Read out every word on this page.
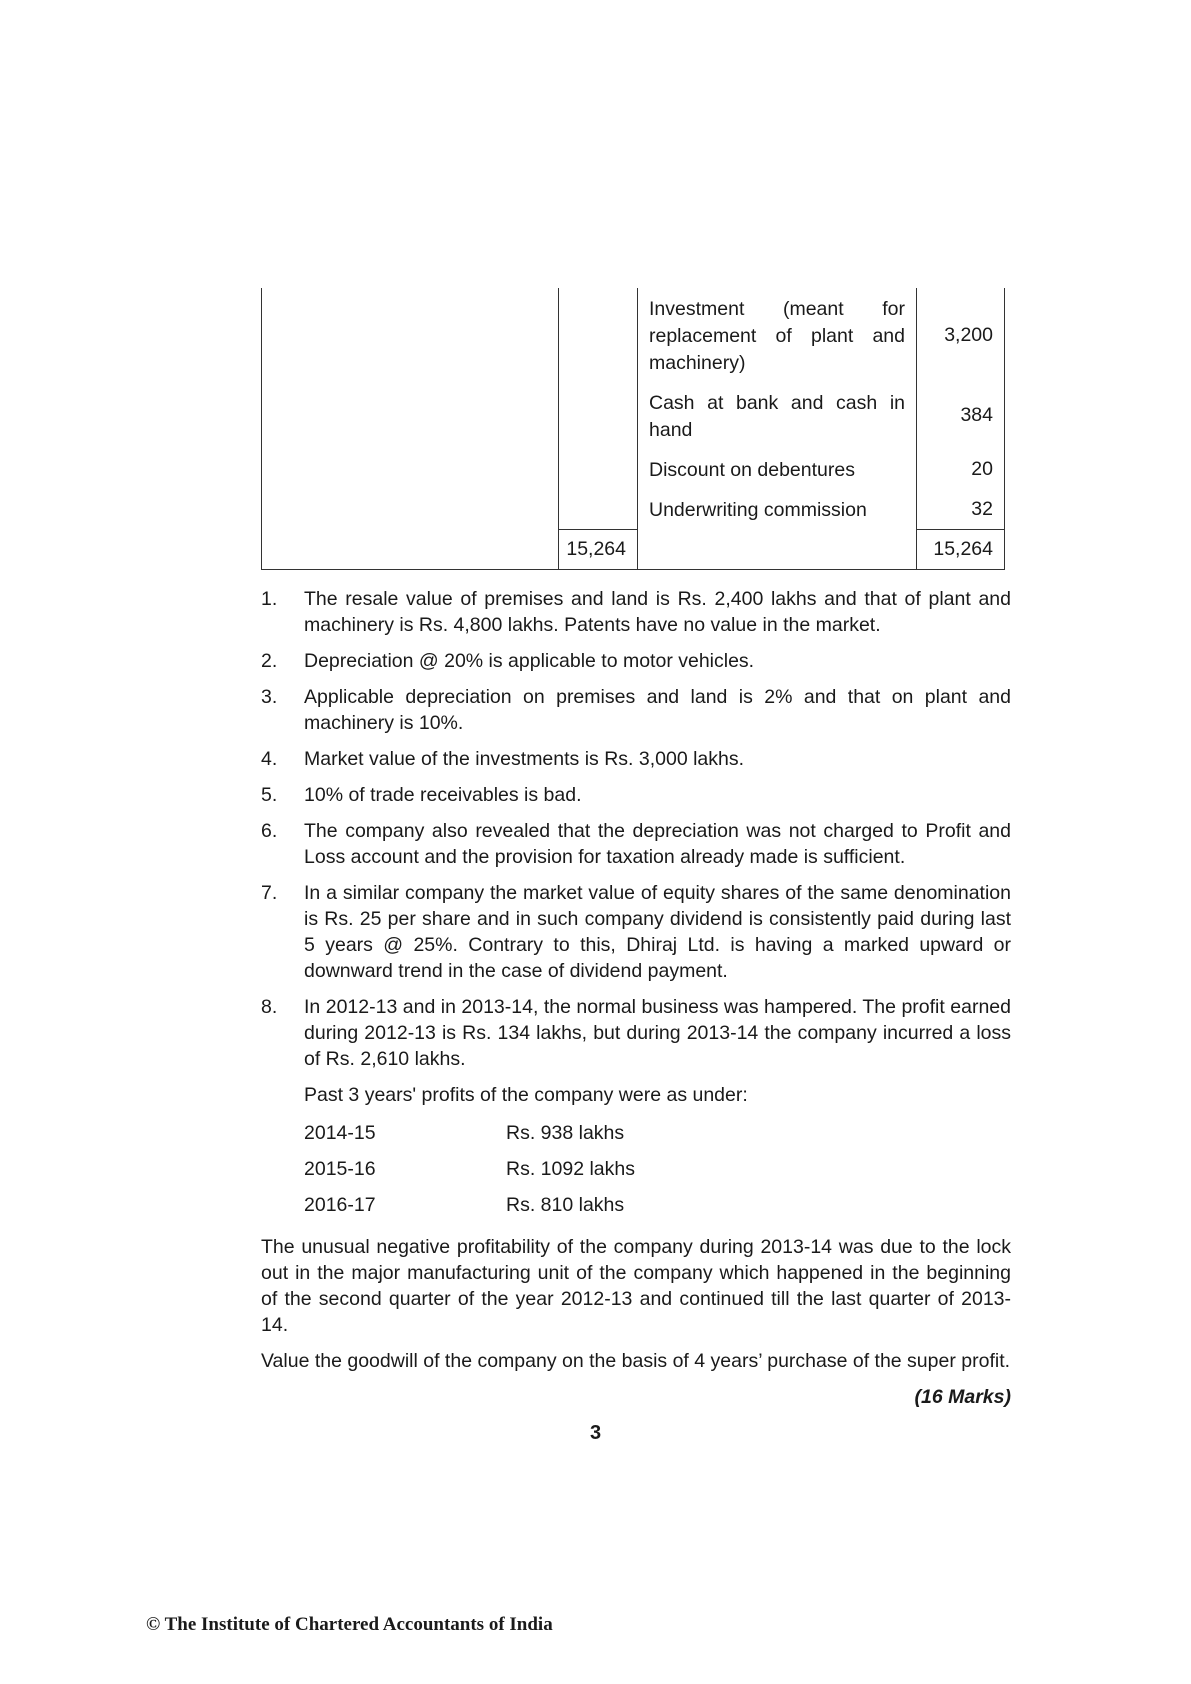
		Investment (meant for replacement of plant and machinery)	3,200
		Cash at bank and cash in hand	384
		Discount on debentures	20
		Underwriting commission	32

	15,264		15,264
1.	The resale value of premises and land is Rs. 2,400 lakhs and that of plant and machinery is Rs. 4,800 lakhs. Patents have no value in the market.
2.	Depreciation @ 20% is applicable to motor vehicles.
3.	Applicable depreciation on premises and land is 2% and that on plant and machinery is 10%.
4.	Market value of the investments is Rs. 3,000 lakhs.
5.	10% of trade receivables is bad.
6.	The company also revealed that the depreciation was not charged to Profit and Loss account and the provision for taxation already made is sufficient.
7.	In a similar company the market value of equity shares of the same denomination is Rs. 25 per share and in such company dividend is consistently paid during last 5 years @ 25%. Contrary to this, Dhiraj Ltd. is having a marked upward or downward trend in the case of dividend payment.
8.	In 2012-13 and in 2013-14, the normal business was hampered. The profit earned during 2012-13 is Rs. 134 lakhs, but during 2013-14 the company incurred a loss of Rs. 2,610 lakhs.

Past 3 years' profits of the company were as under:

2014-15	Rs. 938 lakhs
2015-16	Rs. 1092 lakhs
2016-17	Rs. 810 lakhs

The unusual negative profitability of the company during 2013-14 was due to the lock out in the major manufacturing unit of the company which happened in the beginning of the second quarter of the year 2012-13 and continued till the last quarter of 2013-14.

Value the goodwill of the company on the basis of 4 years’ purchase of the super profit.

(16 Marks)
3
© The Institute of Chartered Accountants of India
